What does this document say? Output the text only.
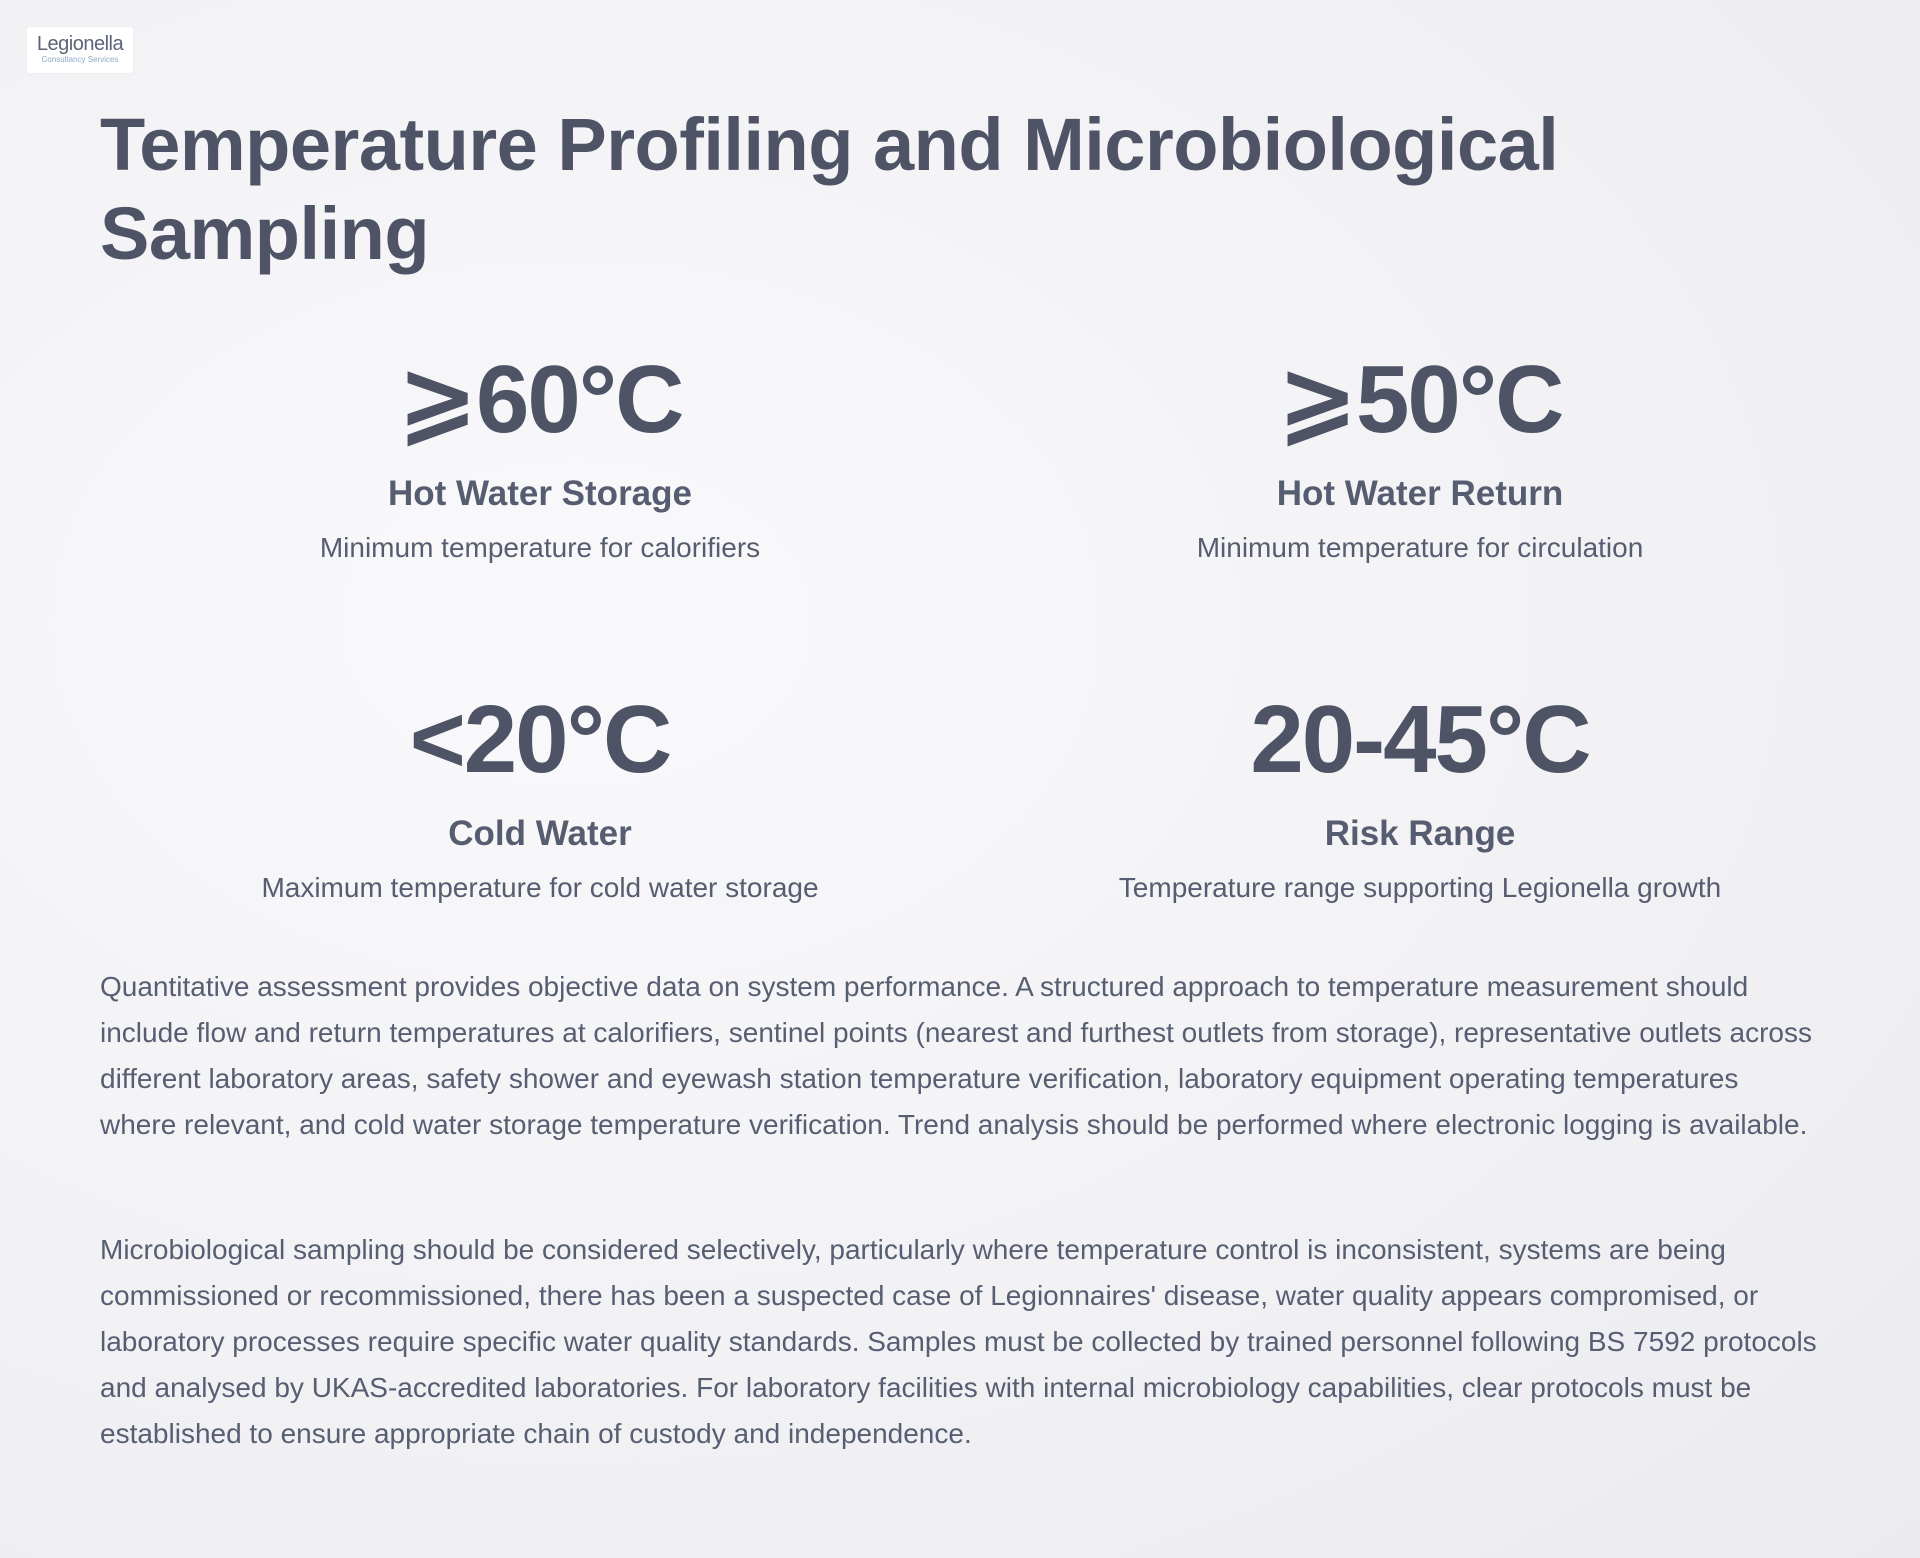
Legionella
Consultancy Services
Temperature Profiling and Microbiological Sampling
⩾60°C
Hot Water Storage
Minimum temperature for calorifiers
⩾50°C
Hot Water Return
Minimum temperature for circulation
<20°C
Cold Water
Maximum temperature for cold water storage
20-45°C
Risk Range
Temperature range supporting Legionella growth

Quantitative assessment provides objective data on system performance. A structured approach to temperature measurement should include flow and return temperatures at calorifiers, sentinel points (nearest and furthest outlets from storage), representative outlets across different laboratory areas, safety shower and eyewash station temperature verification, laboratory equipment operating temperatures where relevant, and cold water storage temperature verification. Trend analysis should be performed where electronic logging is available.

Microbiological sampling should be considered selectively, particularly where temperature control is inconsistent, systems are being commissioned or recommissioned, there has been a suspected case of Legionnaires' disease, water quality appears compromised, or laboratory processes require specific water quality standards. Samples must be collected by trained personnel following BS 7592 protocols and analysed by UKAS-accredited laboratories. For laboratory facilities with internal microbiology capabilities, clear protocols must be established to ensure appropriate chain of custody and independence.
